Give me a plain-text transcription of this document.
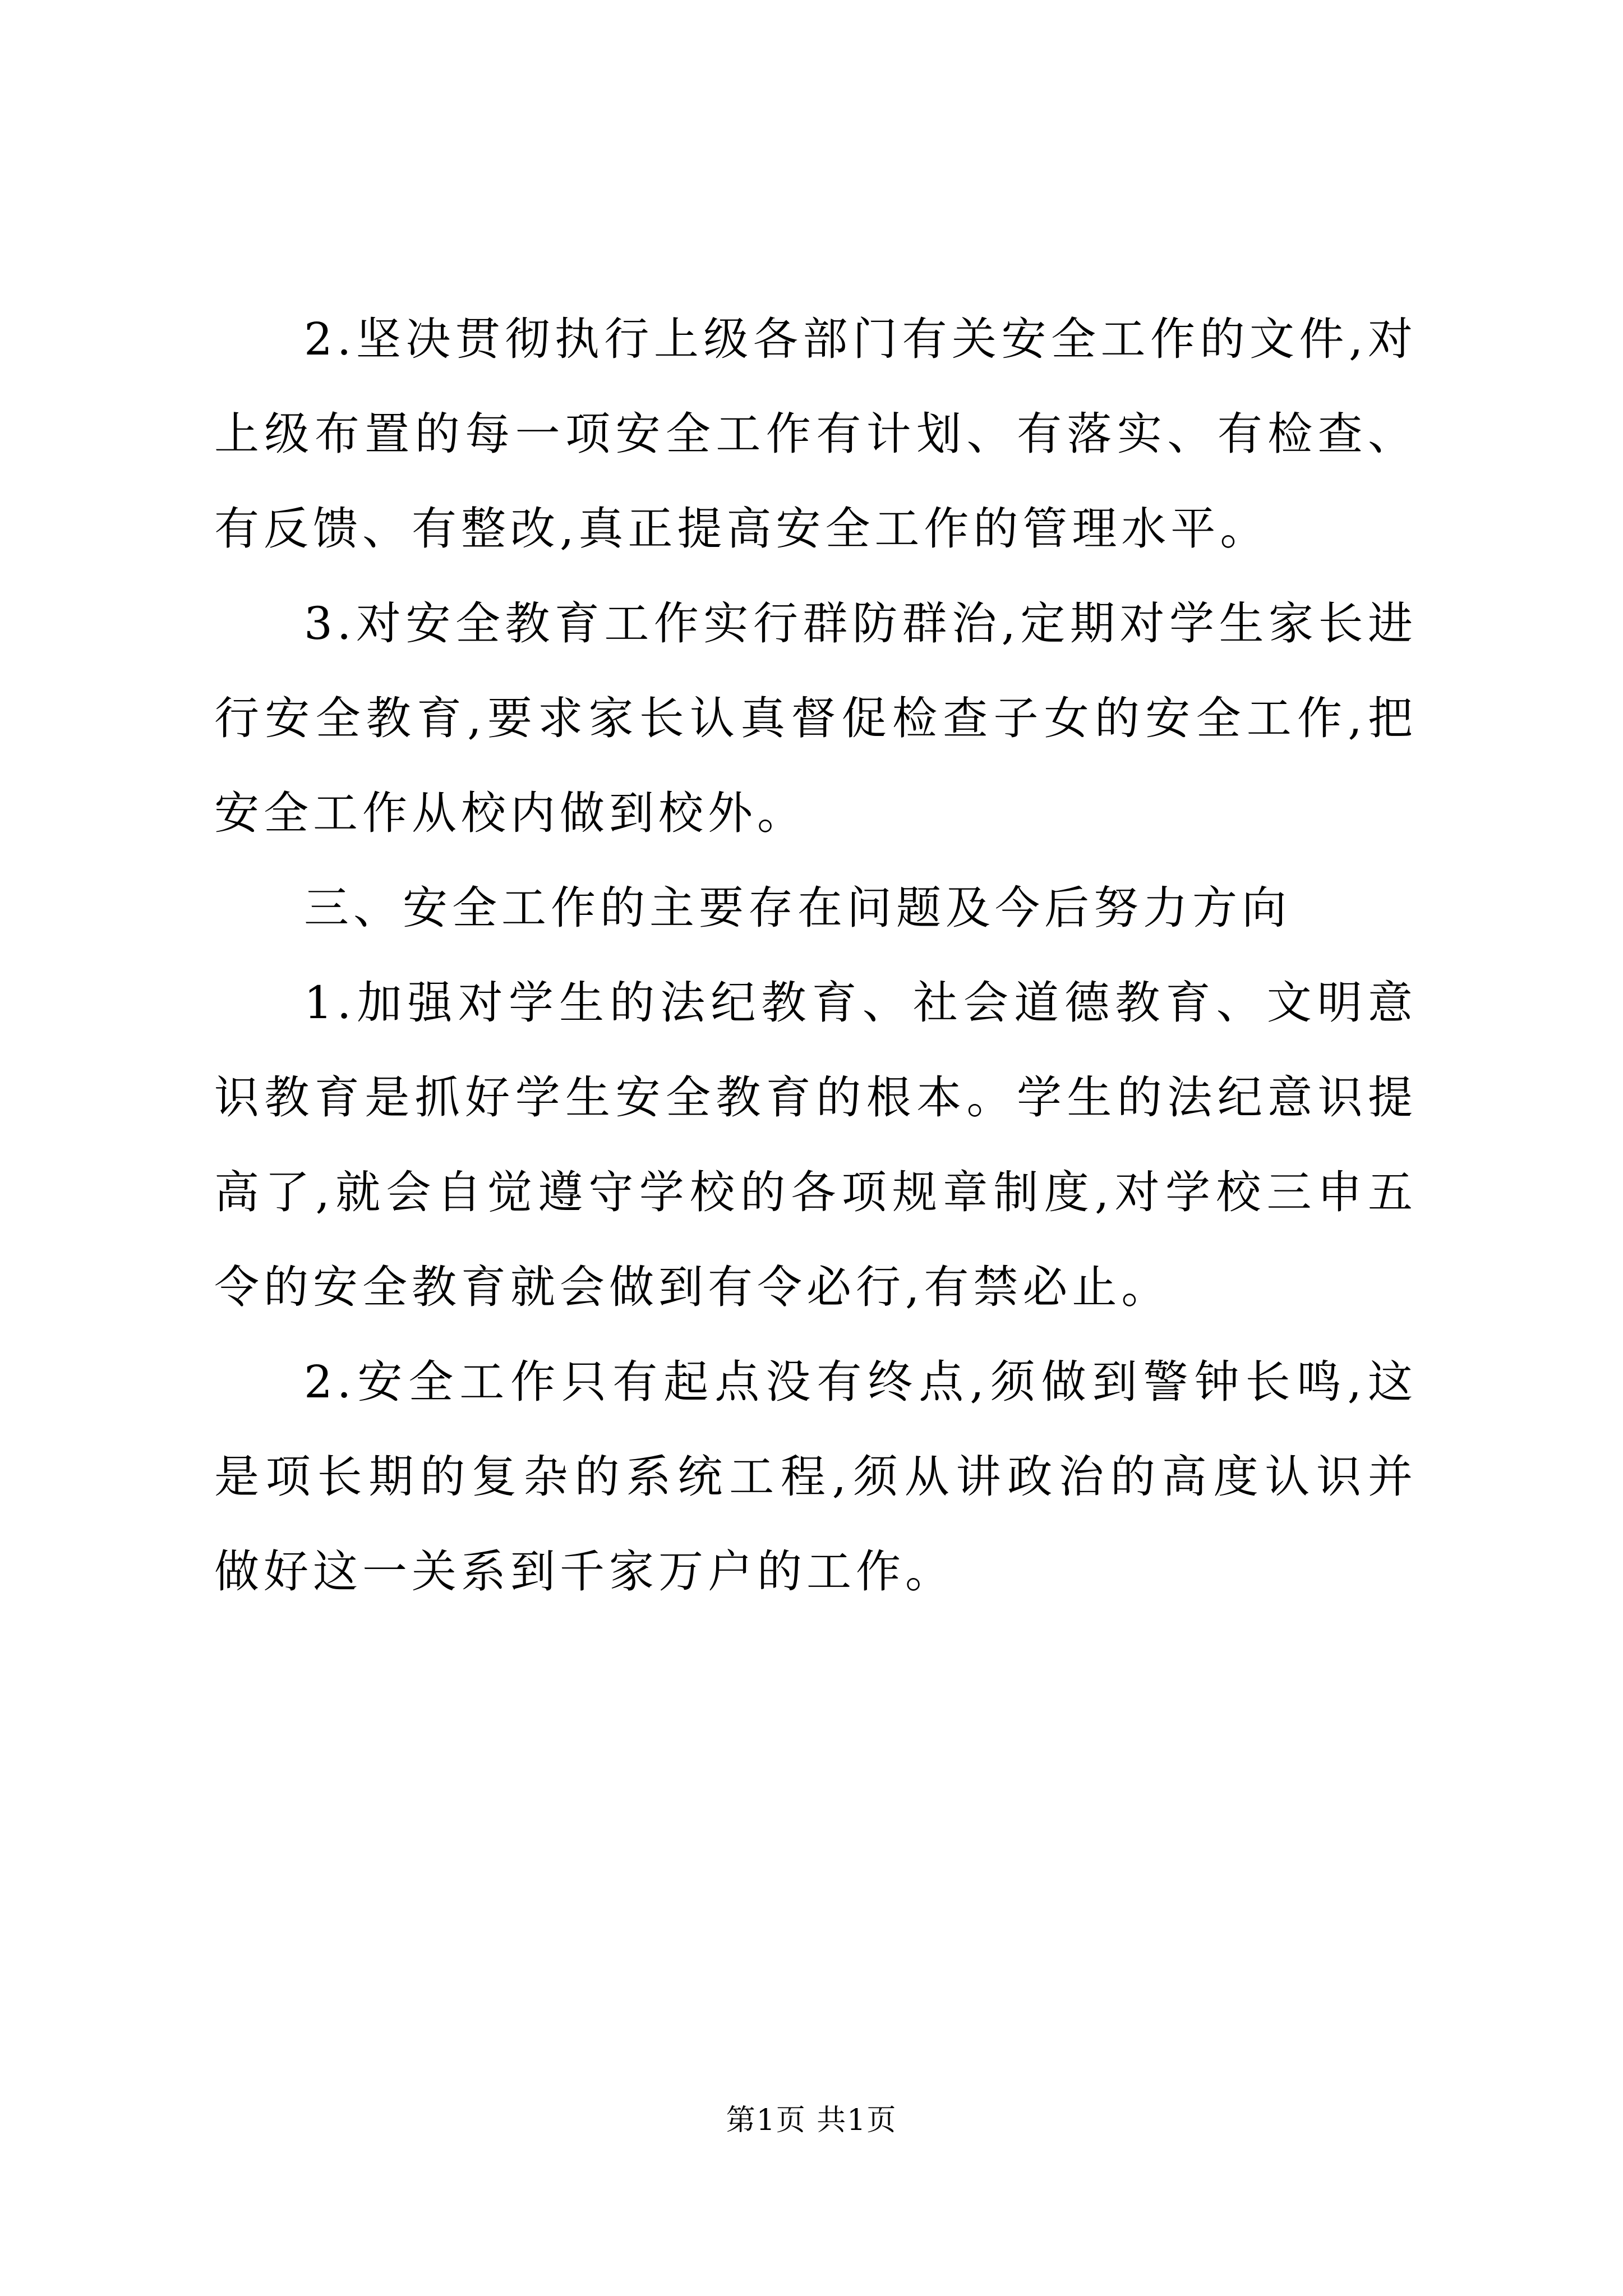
2.坚决贯彻执行上级各部门有关安全工作的文件,对上级布置的每一项安全工作有计划、有落实、有检查、有反馈、有整改,真正提高安全工作的管理水平。

3.对安全教育工作实行群防群治,定期对学生家长进行安全教育,要求家长认真督促检查子女的安全工作,把安全工作从校内做到校外。

三、安全工作的主要存在问题及今后努力方向

1.加强对学生的法纪教育、社会道德教育、文明意识教育是抓好学生安全教育的根本。学生的法纪意识提高了,就会自觉遵守学校的各项规章制度,对学校三申五令的安全教育就会做到有令必行,有禁必止。

2.安全工作只有起点没有终点,须做到警钟长鸣,这是项长期的复杂的系统工程,须从讲政治的高度认识并做好这一关系到千家万户的工作。

第1页 共1页
